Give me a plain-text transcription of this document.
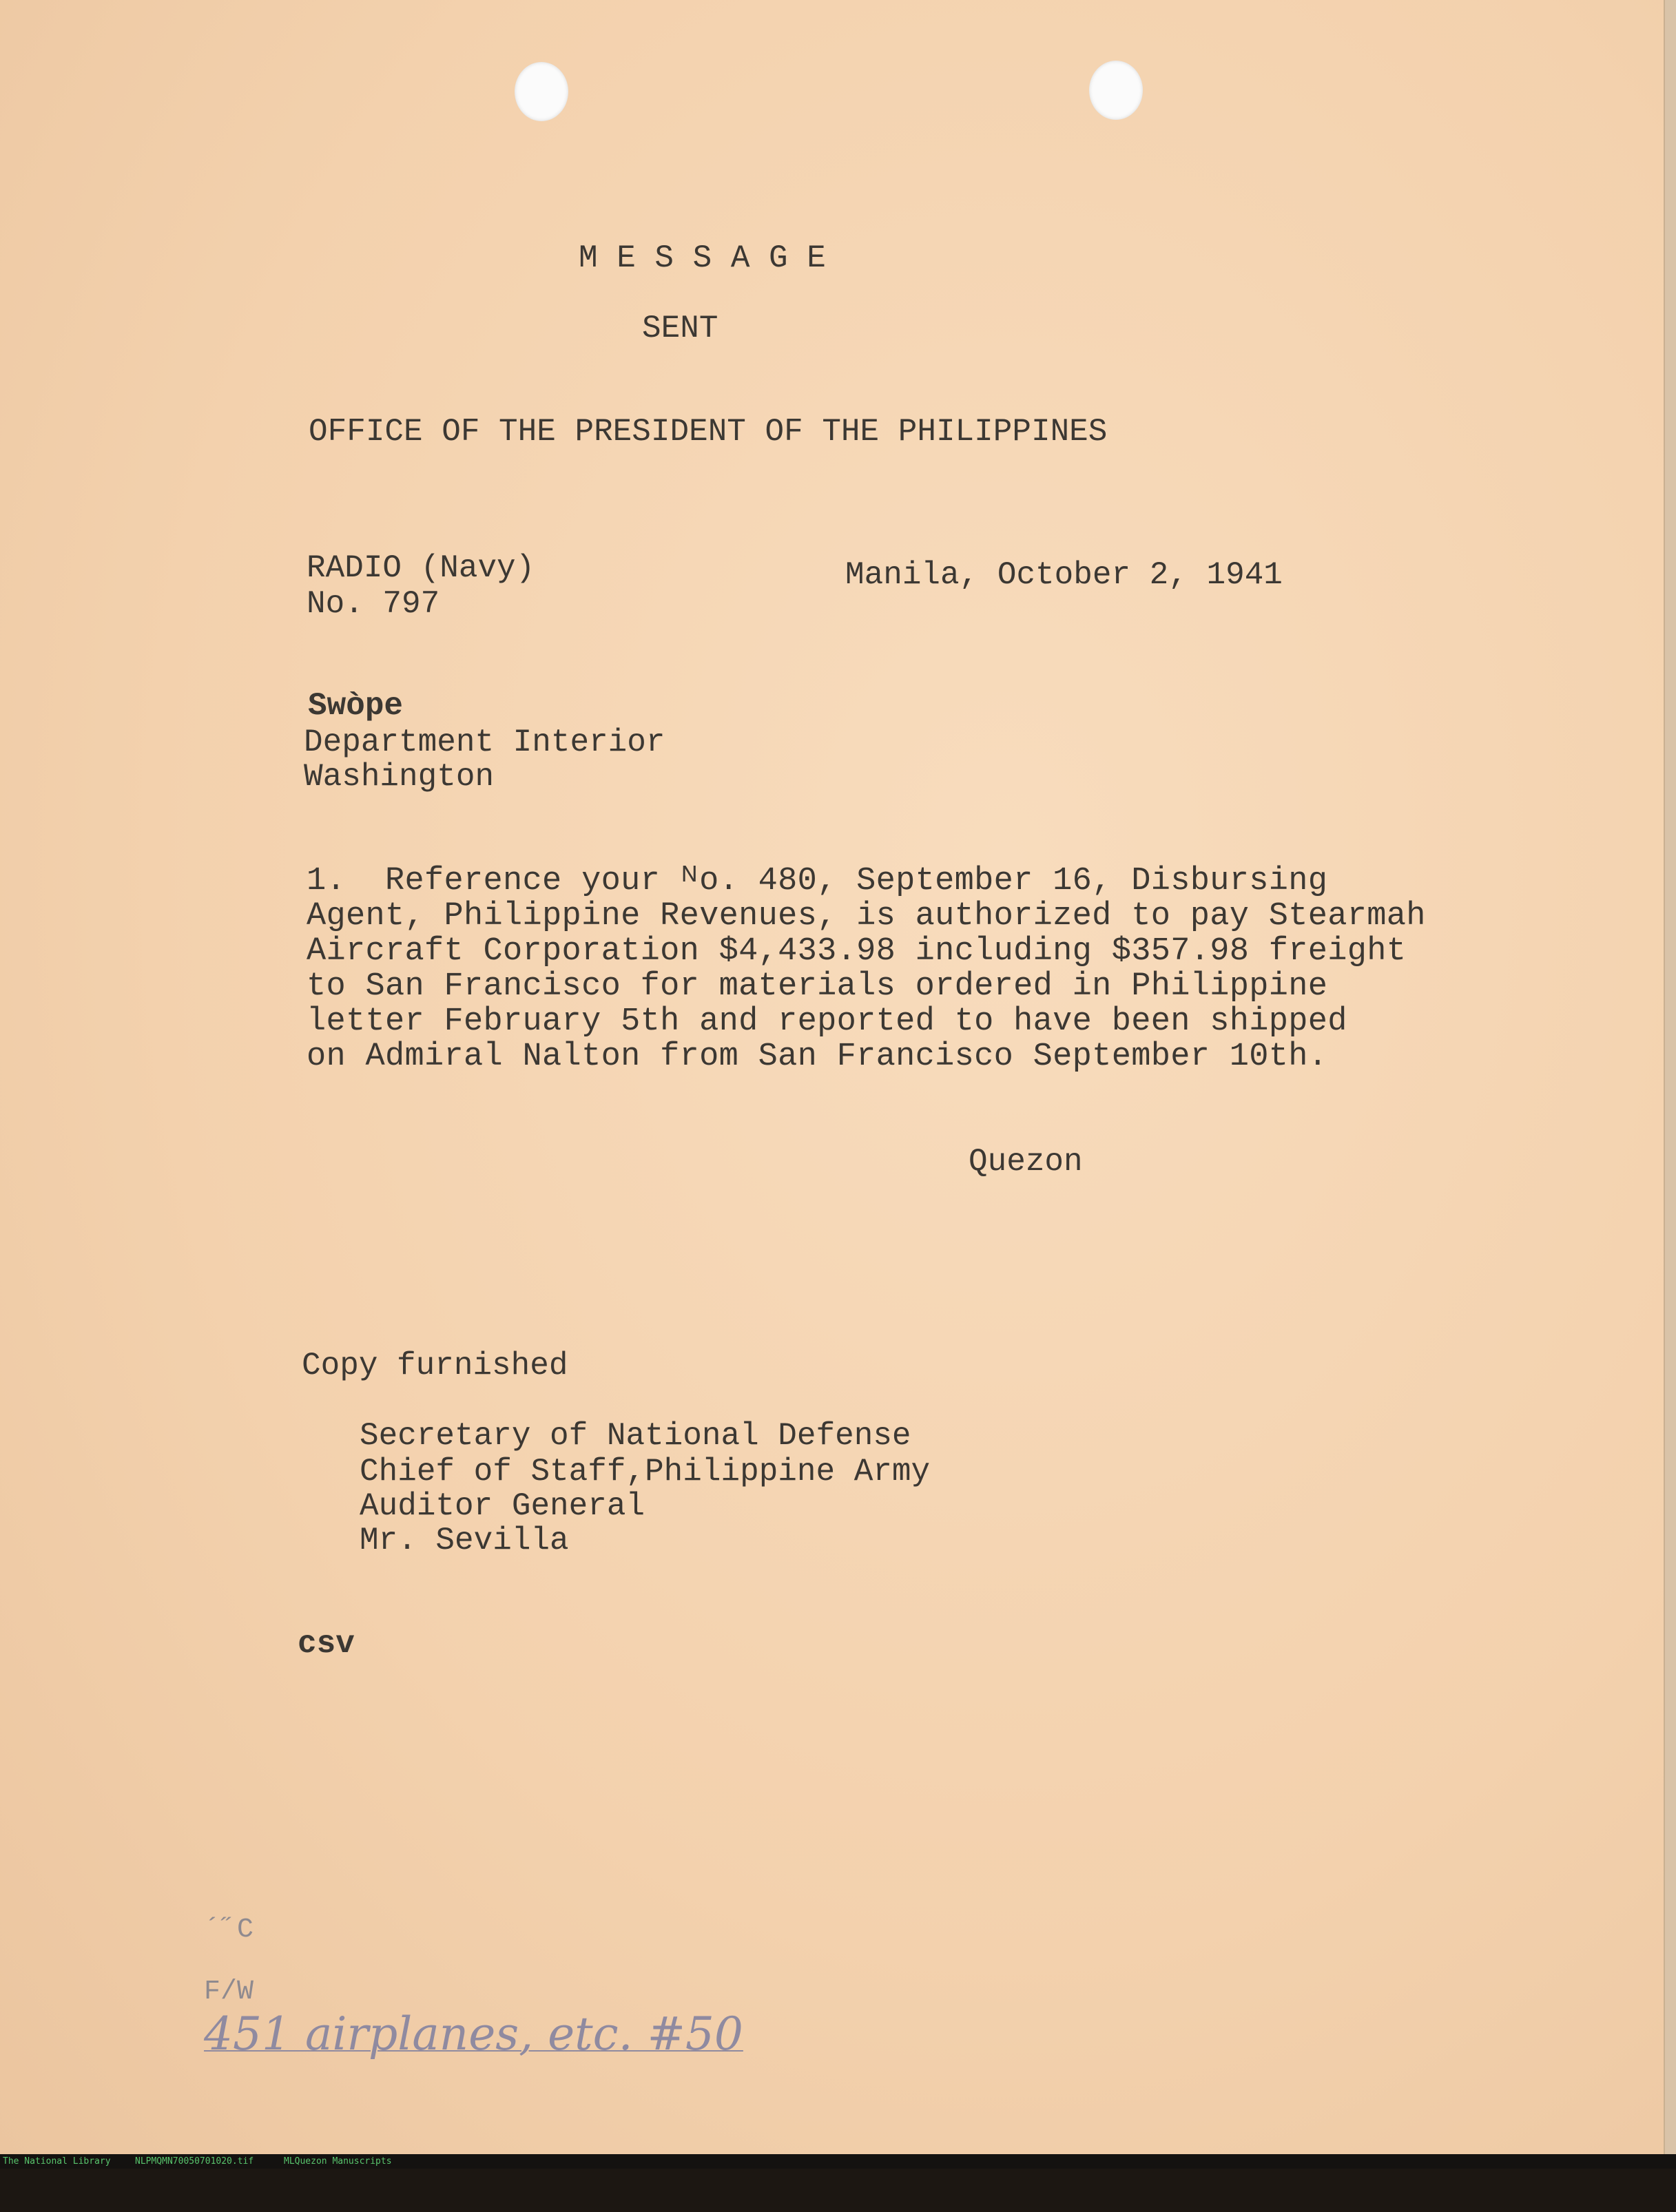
M E S S A G E
SENT
OFFICE OF THE PRESIDENT OF THE PHILIPPINES
RADIO (Navy)
No. 797
Manila, October 2, 1941
Swòpe
Department Interior
Washington
1.  Reference your ᴺo. 480, September 16, Disbursing
Agent, Philippine Revenues, is authorized to pay Stearmah
Aircraft Corporation $4,433.98 including $357.98 freight
to San Francisco for materials ordered in Philippine
letter February 5th and reported to have been shipped
on Admiral Nalton from San Francisco September 10th.
Quezon
Copy furnished
Secretary of National Defense
Chief of Staff,Philippine Army
Auditor General
Mr. Sevilla
csv

´˝C

F/W
451 airplanes, etc. #50

The National Library

	NLPMQMN70050701020.tif

	MLQuezon Manuscripts
